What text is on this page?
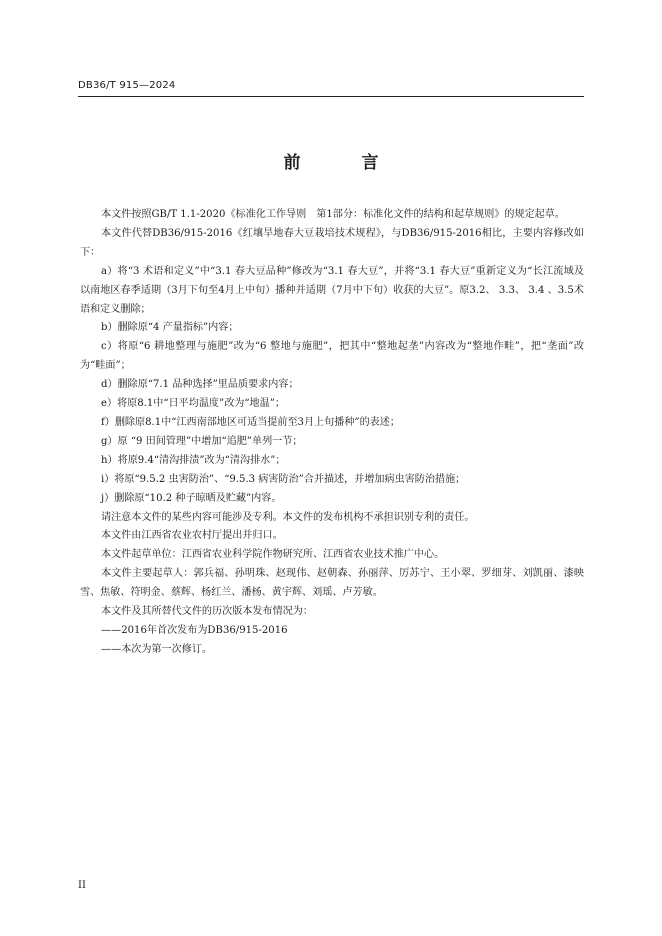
DB36/T 915—2024
前　言

本文件按照GB/T 1.1-2020《标准化工作导则　第1部分：标准化文件的结构和起草规则》的规定起草。

本文件代替DB36/915-2016《红壤旱地春大豆栽培技术规程》，与DB36/915-2016相比，主要内容修改如下：

a）将“3 术语和定义”中“3.1 春大豆品种”修改为“3.1 春大豆”，并将“3.1 春大豆”重新定义为“长江流域及以南地区春季适期（3月下旬至4月上中旬）播种并适期（7月中下旬）收获的大豆”。原3.2、 3.3、 3.4 、3.5术语和定义删除；

b）删除原“4 产量指标”内容；

c）将原“6 耕地整理与施肥”改为“6 整地与施肥”，把其中“整地起垄”内容改为“整地作畦”，把“垄面”改为“畦面”；

d）删除原“7.1 品种选择”里品质要求内容；

e）将原8.1中“日平均温度”改为“地温”；

f）删除原8.1中“江西南部地区可适当提前至3月上旬播种”的表述；

g）原 “9 田间管理”中增加“追肥”单列一节；

h）将原9.4“清沟排渍”改为“清沟排水”；

i）将原“9.5.2 虫害防治”、“9.5.3 病害防治”合并描述，并增加病虫害防治措施；

j）删除原“10.2 种子晾晒及贮藏”内容。

请注意本文件的某些内容可能涉及专利。本文件的发布机构不承担识别专利的责任。

本文件由江西省农业农村厅提出并归口。

本文件起草单位：江西省农业科学院作物研究所、江西省农业技术推广中心。

本文件主要起草人：郭兵福、孙明珠、赵现伟、赵朝森、孙丽萍、厉苏宁、王小翠、罗细芽、刘凯丽、漆映雪、焦敏、符明金、蔡辉、杨红兰、潘杨、黄宇辉、刘瑶、卢芳敏。

本文件及其所替代文件的历次版本发布情况为：

——2016年首次发布为DB36/915-2016

——本次为第一次修订。

II
